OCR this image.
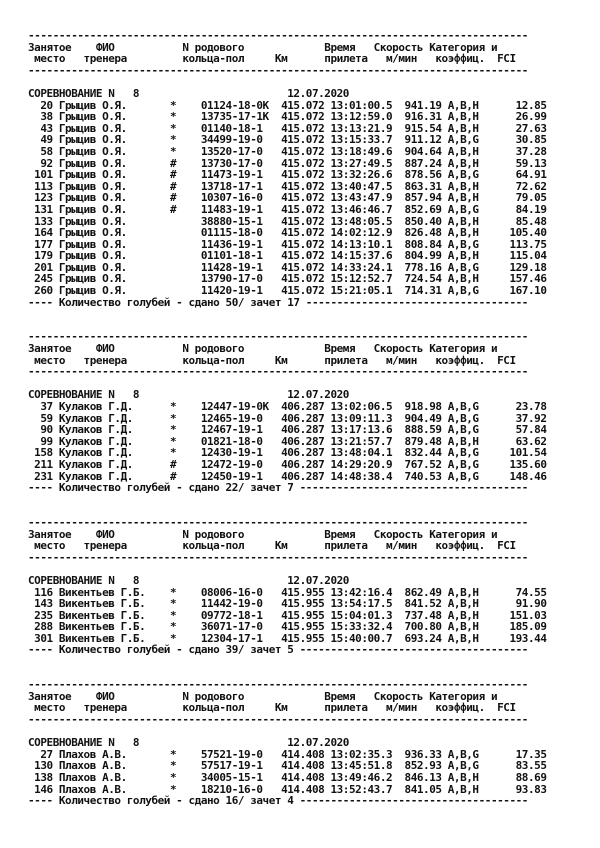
---------------------------------------------------------------------------------
Занятое    ФИО           N родового             Время   Скорость Категория и
место   тренера         кольца-пол     Км      прилета   м/мин   коэффиц.  FCI
---------------------------------------------------------------------------------
СОРЕВНОВАНИЕ N   8                        12.07.2020
20 Грыцив О.Я.       *    01124-18-0K  415.072 13:01:00.5  941.19 A,B,H      12.85
38 Грыцив О.Я.       *    13735-17-1K  415.072 13:12:59.0  916.31 A,B,H      26.99
43 Грыцив О.Я.       *    01140-18-1   415.072 13:13:21.9  915.54 A,B,H      27.63
49 Грыцив О.Я.       *    34499-19-0   415.072 13:15:33.7  911.12 A,B,G      30.85
58 Грыцив О.Я.       *    13520-17-0   415.072 13:18:49.6  904.64 A,B,H      37.28
92 Грыцив О.Я.       #    13730-17-0   415.072 13:27:49.5  887.24 A,B,H      59.13
101 Грыцив О.Я.       #    11473-19-1   415.072 13:32:26.6  878.56 A,B,G      64.91
113 Грыцив О.Я.       #    13718-17-1   415.072 13:40:47.5  863.31 A,B,H      72.62
123 Грыцив О.Я.       #    10307-16-0   415.072 13:43:47.9  857.94 A,B,H      79.05
131 Грыцив О.Я.       #    11483-19-1   415.072 13:46:46.7  852.69 A,B,G      84.19
133 Грыцив О.Я.            38880-15-1   415.072 13:48:05.5  850.40 A,B,H      85.48
164 Грыцив О.Я.            01115-18-0   415.072 14:02:12.9  826.48 A,B,H     105.40
177 Грыцив О.Я.            11436-19-1   415.072 14:13:10.1  808.84 A,B,G     113.75
179 Грыцив О.Я.            01101-18-1   415.072 14:15:37.6  804.99 A,B,H     115.04
201 Грыцив О.Я.            11428-19-1   415.072 14:33:24.1  778.16 A,B,G     129.18
245 Грыцив О.Я.            13790-17-0   415.072 15:12:52.7  724.54 A,B,H     157.46
260 Грыцив О.Я.            11420-19-1   415.072 15:21:05.1  714.31 A,B,G     167.10
---- Количество голубей - сдано 50/ зачет 17 ------------------------------------
---------------------------------------------------------------------------------
Занятое    ФИО           N родового             Время   Скорость Категория и
место   тренера         кольца-пол     Км      прилета   м/мин   коэффиц.  FCI
---------------------------------------------------------------------------------
СОРЕВНОВАНИЕ N   8                        12.07.2020
37 Кулаков Г.Д.      *    12447-19-0K  406.287 13:02:06.5  918.98 A,B,G      23.78
59 Кулаков Г.Д.      *    12465-19-0   406.287 13:09:11.3  904.49 A,B,G      37.92
90 Кулаков Г.Д.      *    12467-19-1   406.287 13:17:13.6  888.59 A,B,G      57.84
99 Кулаков Г.Д.      *    01821-18-0   406.287 13:21:57.7  879.48 A,B,H      63.62
158 Кулаков Г.Д.      *    12430-19-1   406.287 13:48:04.1  832.44 A,B,G     101.54
211 Кулаков Г.Д.      #    12472-19-0   406.287 14:29:20.9  767.52 A,B,G     135.60
231 Кулаков Г.Д.      #    12450-19-1   406.287 14:48:38.4  740.53 A,B,G     148.46
---- Количество голубей - сдано 22/ зачет 7 -------------------------------------
---------------------------------------------------------------------------------
Занятое    ФИО           N родового             Время   Скорость Категория и
место   тренера         кольца-пол     Км      прилета   м/мин   коэффиц.  FCI
---------------------------------------------------------------------------------
СОРЕВНОВАНИЕ N   8                        12.07.2020
116 Викентьев Г.Б.    *    08006-16-0   415.955 13:42:16.4  862.49 A,B,H      74.55
143 Викентьев Г.Б.    *    11442-19-0   415.955 13:54:17.5  841.52 A,B,H      91.90
235 Викентьев Г.Б.    *    09772-18-1   415.955 15:04:01.3  737.48 A,B,H     151.03
288 Викентьев Г.Б.    *    36071-17-0   415.955 15:33:32.4  700.80 A,B,H     185.09
301 Викентьев Г.Б.    *    12304-17-1   415.955 15:40:00.7  693.24 A,B,H     193.44
---- Количество голубей - сдано 39/ зачет 5 -------------------------------------
---------------------------------------------------------------------------------
Занятое    ФИО           N родового             Время   Скорость Категория и
место   тренера         кольца-пол     Км      прилета   м/мин   коэффиц.  FCI
---------------------------------------------------------------------------------
СОРЕВНОВАНИЕ N   8                        12.07.2020
27 Плахов А.В.       *    57521-19-0   414.408 13:02:35.3  936.33 A,B,G      17.35
130 Плахов А.В.       *    57517-19-1   414.408 13:45:51.8  852.93 A,B,G      83.55
138 Плахов А.В.       *    34005-15-1   414.408 13:49:46.2  846.13 A,B,H      88.69
146 Плахов А.В.       *    18210-16-0   414.408 13:52:43.7  841.05 A,B,H      93.83
---- Количество голубей - сдано 16/ зачет 4 -------------------------------------
